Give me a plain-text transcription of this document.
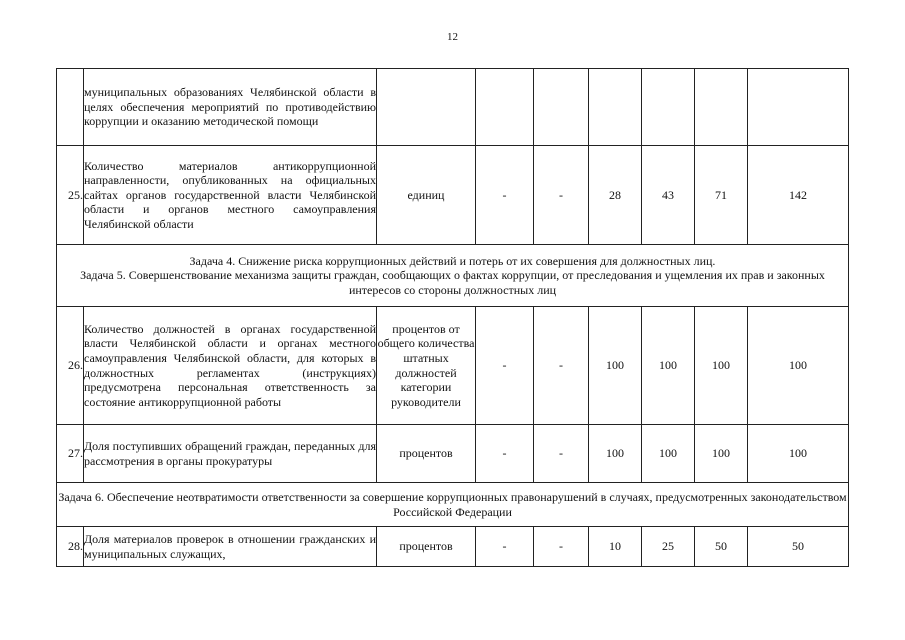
12
	муниципальных образованиях Челябинской области в целях обеспечения мероприятий по противодействию коррупции и оказанию методической помощи							
25.	Количество материалов антикоррупционной направленности, опубликованных на официальных сайтах органов государственной власти Челябинской области и органов местного самоуправления Челябинской области	единиц	-	-	28	43	71	142

Задача 4. Снижение риска коррупционных действий и потерь от их совершения для должностных лиц.
Задача 5. Совершенствование механизма защиты граждан, сообщающих о фактах коррупции, от преследования и ущемления их прав и законных интересов со стороны должностных лиц								

26.	Количество должностей в органах государственной власти Челябинской области и органах местного самоуправления Челябинской области, для которых в должностных регламентах (инструкциях) предусмотрена персональная ответственность за состояние антикоррупционной работы	процентов от общего количества штатных должностей категории руководители	-	-	100	100	100	100
27.	Доля поступивших обращений граждан, переданных для рассмотрения в органы прокуратуры	процентов	-	-	100	100	100	100
Задача 6. Обеспечение неотвратимости ответственности за совершение коррупционных правонарушений в случаях, предусмотренных законодательством Российской Федерации								
28.	Доля материалов проверок в отношении гражданских и муниципальных служащих,	процентов	-	-	10	25	50	50
